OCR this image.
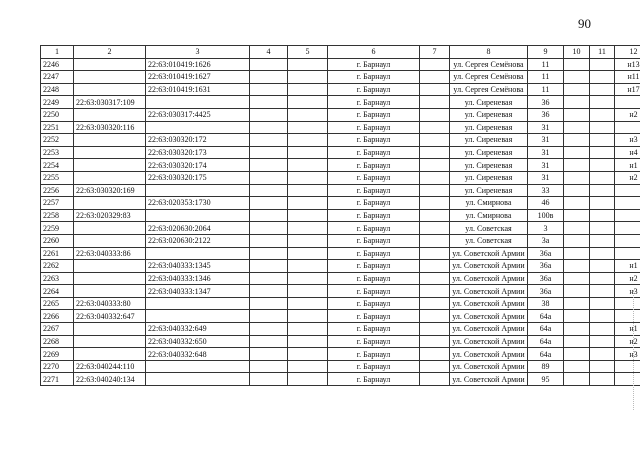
90
1	2	3	4	5	6	7	8	9	10	11	12
2246		22:63:010419:1626			г. Барнаул		ул. Сергея Семёнова	11			н13
2247		22:63:010419:1627			г. Барнаул		ул. Сергея Семёнова	11			н11
2248		22:63:010419:1631			г. Барнаул		ул. Сергея Семёнова	11			н17
2249	22:63:030317:109				г. Барнаул		ул. Сиреневая	36			
2250		22:63:030317:4425			г. Барнаул		ул. Сиреневая	36			н2
2251	22:63:030320:116				г. Барнаул		ул. Сиреневая	31			
2252		22:63:030320:172			г. Барнаул		ул. Сиреневая	31			н3
2253		22:63:030320:173			г. Барнаул		ул. Сиреневая	31			н4
2254		22:63:030320:174			г. Барнаул		ул. Сиреневая	31			н1
2255		22:63:030320:175			г. Барнаул		ул. Сиреневая	31			н2
2256	22:63:030320:169				г. Барнаул		ул. Сиреневая	33			
2257		22:63:020353:1730			г. Барнаул		ул. Смирнова	46			
2258	22:63:020329:83				г. Барнаул		ул. Смирнова	100в			
2259		22:63:020630:2064			г. Барнаул		ул. Советская	3			
2260		22:63:020630:2122			г. Барнаул		ул. Советская	3а			
2261	22:63:040333:86				г. Барнаул		ул. Советской Армии	36а			
2262		22:63:040333:1345			г. Барнаул		ул. Советской Армии	36а			н1
2263		22:63:040333:1346			г. Барнаул		ул. Советской Армии	36а			н2
2264		22:63:040333:1347			г. Барнаул		ул. Советской Армии	36а			н3
2265	22:63:040333:80				г. Барнаул		ул. Советской Армии	38			
2266	22:63:040332:647				г. Барнаул		ул. Советской Армии	64а			
2267		22:63:040332:649			г. Барнаул		ул. Советской Армии	64а			н1
2268		22:63:040332:650			г. Барнаул		ул. Советской Армии	64а			н2
2269		22:63:040332:648			г. Барнаул		ул. Советской Армии	64а			н3
2270	22:63:040244:110				г. Барнаул		ул. Советской Армии	89			
2271	22:63:040240:134				г. Барнаул		ул. Советской Армии	95			
